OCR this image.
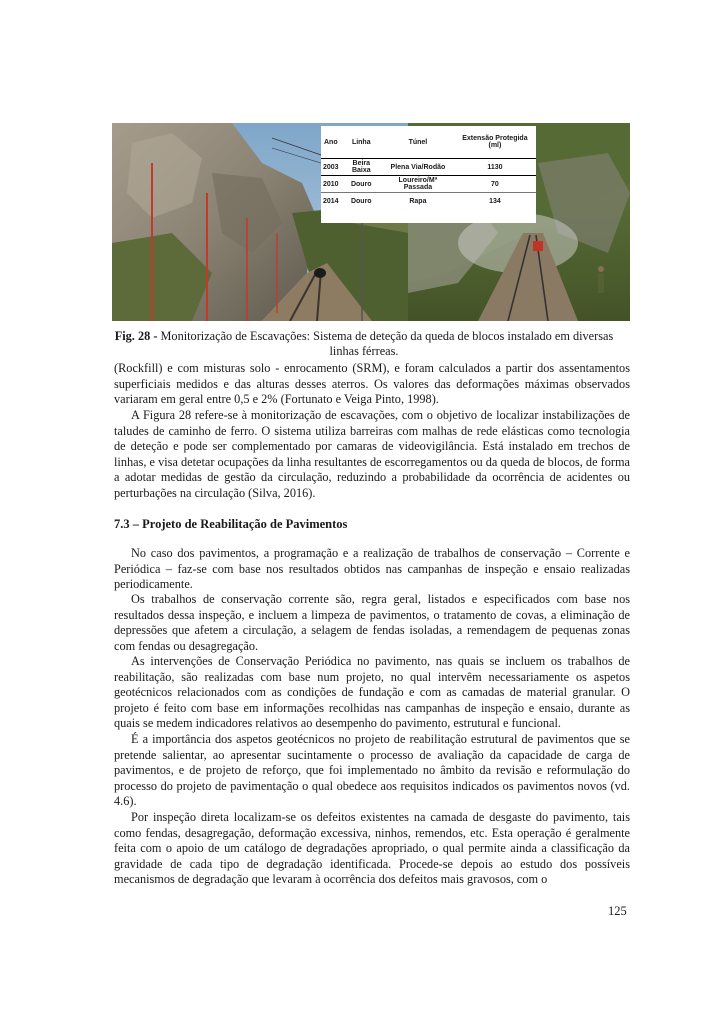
Ano	Linha	Túnel	Extensão Protegida (ml)
2003	Beira Baixa	Plena Via/Rodão	1130
2010	Douro	Loureiro/Mª Passada	70
2014	Douro	Rapa	134
Fig. 28 - Monitorização de Escavações: Sistema de deteção da queda de blocos instalado em diversas linhas férreas.

(Rockfill) e com misturas solo - enrocamento (SRM), e foram calculados a partir dos assentamentos superficiais medidos e das alturas desses aterros. Os valores das deformações máximas observados variaram em geral entre 0,5 e 2% (Fortunato e Veiga Pinto, 1998).

A Figura 28 refere-se à monitorização de escavações, com o objetivo de localizar instabilizações de taludes de caminho de ferro. O sistema utiliza barreiras com malhas de rede elásticas como tecnologia de deteção e pode ser complementado por camaras de videovigilância. Está instalado em trechos de linhas, e visa detetar ocupações da linha resultantes de escorregamentos ou da queda de blocos, de forma a adotar medidas de gestão da circulação, reduzindo a probabilidade da ocorrência de acidentes ou perturbações na circulação (Silva, 2016).

7.3 – Projeto de Reabilitação de Pavimentos

No caso dos pavimentos, a programação e a realização de trabalhos de conservação – Corrente e Periódica – faz-se com base nos resultados obtidos nas campanhas de inspeção e ensaio realizadas periodicamente.

Os trabalhos de conservação corrente são, regra geral, listados e especificados com base nos resultados dessa inspeção, e incluem a limpeza de pavimentos, o tratamento de covas, a eliminação de depressões que afetem a circulação, a selagem de fendas isoladas, a remendagem de pequenas zonas com fendas ou desagregação.

As intervenções de Conservação Periódica no pavimento, nas quais se incluem os trabalhos de reabilitação, são realizadas com base num projeto, no qual intervêm necessariamente os aspetos geotécnicos relacionados com as condições de fundação e com as camadas de material granular. O projeto é feito com base em informações recolhidas nas campanhas de inspeção e ensaio, durante as quais se medem indicadores relativos ao desempenho do pavimento, estrutural e funcional.

É a importância dos aspetos geotécnicos no projeto de reabilitação estrutural de pavimentos que se pretende salientar, ao apresentar sucintamente o processo de avaliação da capacidade de carga de pavimentos, e de projeto de reforço, que foi implementado no âmbito da revisão e reformulação do processo do projeto de pavimentação o qual obedece aos requisitos indicados os pavimentos novos (vd. 4.6).

Por inspeção direta localizam-se os defeitos existentes na camada de desgaste do pavimento, tais como fendas, desagregação, deformação excessiva, ninhos, remendos, etc. Esta operação é geralmente feita com o apoio de um catálogo de degradações apropriado, o qual permite ainda a classificação da gravidade de cada tipo de degradação identificada. Procede-se depois ao estudo dos possíveis mecanismos de degradação que levaram à ocorrência dos defeitos mais gravosos, com o

125
